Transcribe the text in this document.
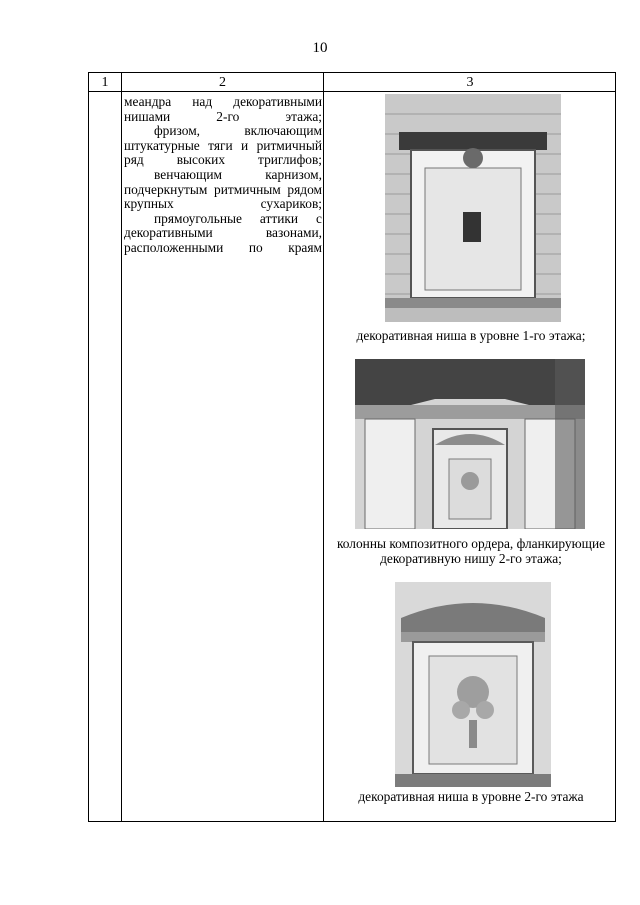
10
1	2	3

меандра над декоративными нишами 2-го этажа;

фризом, включающим штукатурные тяги и ритмичный ряд высоких триглифов;

венчающим карнизом, подчеркнутым ритмичным рядом крупных сухариков;

прямоугольные аттики с декоративными вазонами, расположенными по краям

декоративная ниша в уровне 1-го этажа;
колонны композитного ордера, фланкирующие декоративную нишу 2-го этажа;
декоративная ниша в уровне 2-го этажа
